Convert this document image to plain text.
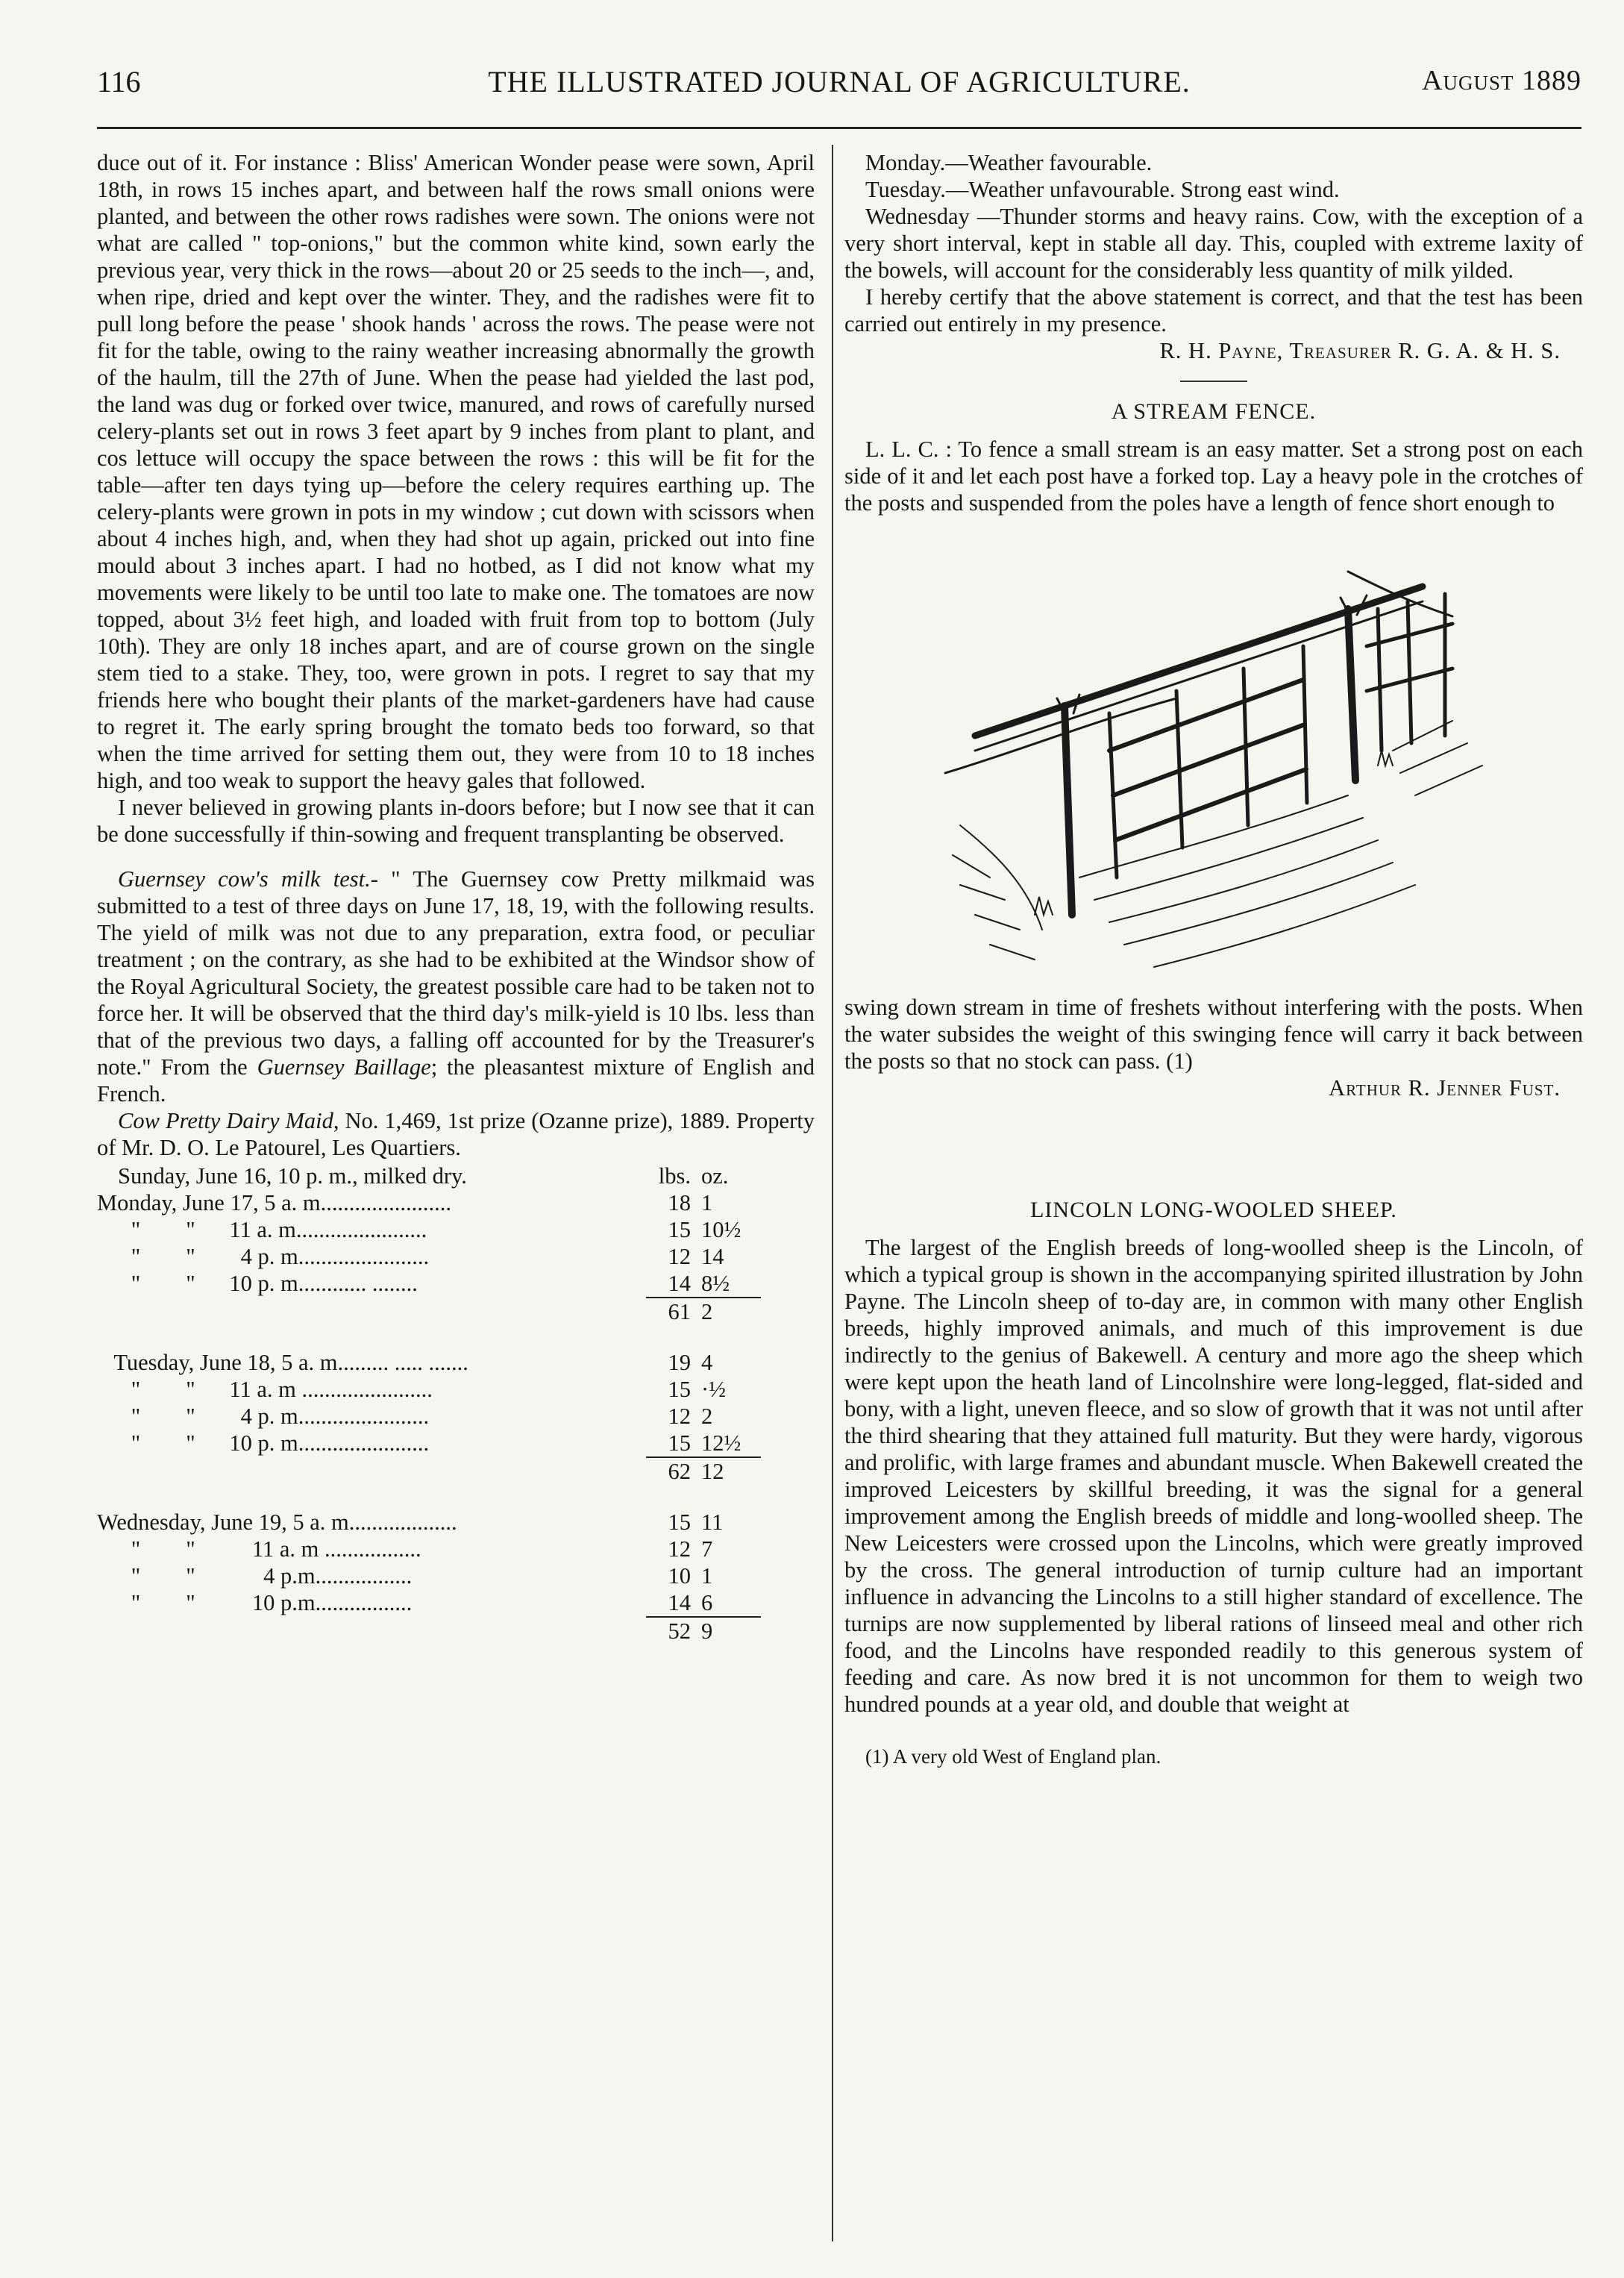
116	THE ILLUSTRATED JOURNAL OF AGRICULTURE.	August 1889

duce out of it. For instance : Bliss' American Wonder pease were sown, April 18th, in rows 15 inches apart, and between half the rows small onions were planted, and between the other rows radishes were sown. The onions were not what are called " top-onions," but the common white kind, sown early the previous year, very thick in the rows—about 20 or 25 seeds to the inch—, and, when ripe, dried and kept over the winter. They, and the radishes were fit to pull long before the pease ' shook hands ' across the rows. The pease were not fit for the table, owing to the rainy weather increasing abnormally the growth of the haulm, till the 27th of June. When the pease had yielded the last pod, the land was dug or forked over twice, manured, and rows of carefully nursed celery-plants set out in rows 3 feet apart by 9 inches from plant to plant, and cos lettuce will occupy the space between the rows : this will be fit for the table—after ten days tying up—before the celery requires earthing up. The celery-plants were grown in pots in my window ; cut down with scissors when about 4 inches high, and, when they had shot up again, pricked out into fine mould about 3 inches apart. I had no hotbed, as I did not know what my movements were likely to be until too late to make one. The tomatoes are now topped, about 3½ feet high, and loaded with fruit from top to bottom (July 10th). They are only 18 inches apart, and are of course grown on the single stem tied to a stake. They, too, were grown in pots. I regret to say that my friends here who bought their plants of the market-gardeners have had cause to regret it. The early spring brought the tomato beds too forward, so that when the time arrived for setting them out, they were from 10 to 18 inches high, and too weak to support the heavy gales that followed.

I never believed in growing plants in-doors before; but I now see that it can be done successfully if thin-sowing and frequent transplanting be observed.

Guernsey cow's milk test.- " The Guernsey cow Pretty milkmaid was submitted to a test of three days on June 17, 18, 19, with the following results. The yield of milk was not due to any preparation, extra food, or peculiar treatment ; on the contrary, as she had to be exhibited at the Windsor show of the Royal Agricultural Society, the greatest possible care had to be taken not to force her. It will be observed that the third day's milk-yield is 10 lbs. less than that of the previous two days, a falling off accounted for by the Treasurer's note." From the Guernsey Baillage; the pleasantest mixture of English and French.

Cow Pretty Dairy Maid, No. 1,469, 1st prize (Ozanne prize), 1889. Property of Mr. D. O. Le Patourel, Les Quartiers.

Sunday, June 16, 10 p. m., milked dry.	lbs. oz.
Monday, June 17, 5 a. m.......................	18 1
"        "      11 a. m.......................	15 10½
"        "        4 p. m.......................	12 14
"        "      10 p. m............ ........	14 8½
61 2
Tuesday, June 18, 5 a. m......... ..... .......	19 4
"        "      11 a. m .......................	15 ·½
"        "        4 p. m.......................	12 2
"        "      10 p. m.......................	15 12½
62 12
Wednesday, June 19, 5 a. m...................	15 11
"        "          11 a. m .................	12 7
"        "            4 p.m.................	10 1
"        "          10 p.m.................	14 6
52 9

Monday.—Weather favourable.

Tuesday.—Weather unfavourable. Strong east wind.

Wednesday —Thunder storms and heavy rains. Cow, with the exception of a very short interval, kept in stable all day. This, coupled with extreme laxity of the bowels, will account for the considerably less quantity of milk yilded.

I hereby certify that the above statement is correct, and that the test has been carried out entirely in my presence.

R. H. Payne, Treasurer R. G. A. & H. S.

A STREAM FENCE.

L. L. C. : To fence a small stream is an easy matter. Set a strong post on each side of it and let each post have a forked top. Lay a heavy pole in the crotches of the posts and suspended from the poles have a length of fence short enough to

swing down stream in time of freshets without interfering with the posts. When the water subsides the weight of this swinging fence will carry it back between the posts so that no stock can pass. (1)

Arthur R. Jenner Fust.

LINCOLN LONG-WOOLED SHEEP.

The largest of the English breeds of long-woolled sheep is the Lincoln, of which a typical group is shown in the accompanying spirited illustration by John Payne. The Lincoln sheep of to-day are, in common with many other English breeds, highly improved animals, and much of this improvement is due indirectly to the genius of Bakewell. A century and more ago the sheep which were kept upon the heath land of Lincolnshire were long-legged, flat-sided and bony, with a light, uneven fleece, and so slow of growth that it was not until after the third shearing that they attained full maturity. But they were hardy, vigorous and prolific, with large frames and abundant muscle. When Bakewell created the improved Leicesters by skillful breeding, it was the signal for a general improvement among the English breeds of middle and long-woolled sheep. The New Leicesters were crossed upon the Lincolns, which were greatly improved by the cross. The general introduction of turnip culture had an important influence in advancing the Lincolns to a still higher standard of excellence. The turnips are now supplemented by liberal rations of linseed meal and other rich food, and the Lincolns have responded readily to this generous system of feeding and care. As now bred it is not uncommon for them to weigh two hundred pounds at a year old, and double that weight at

(1) A very old West of England plan.
